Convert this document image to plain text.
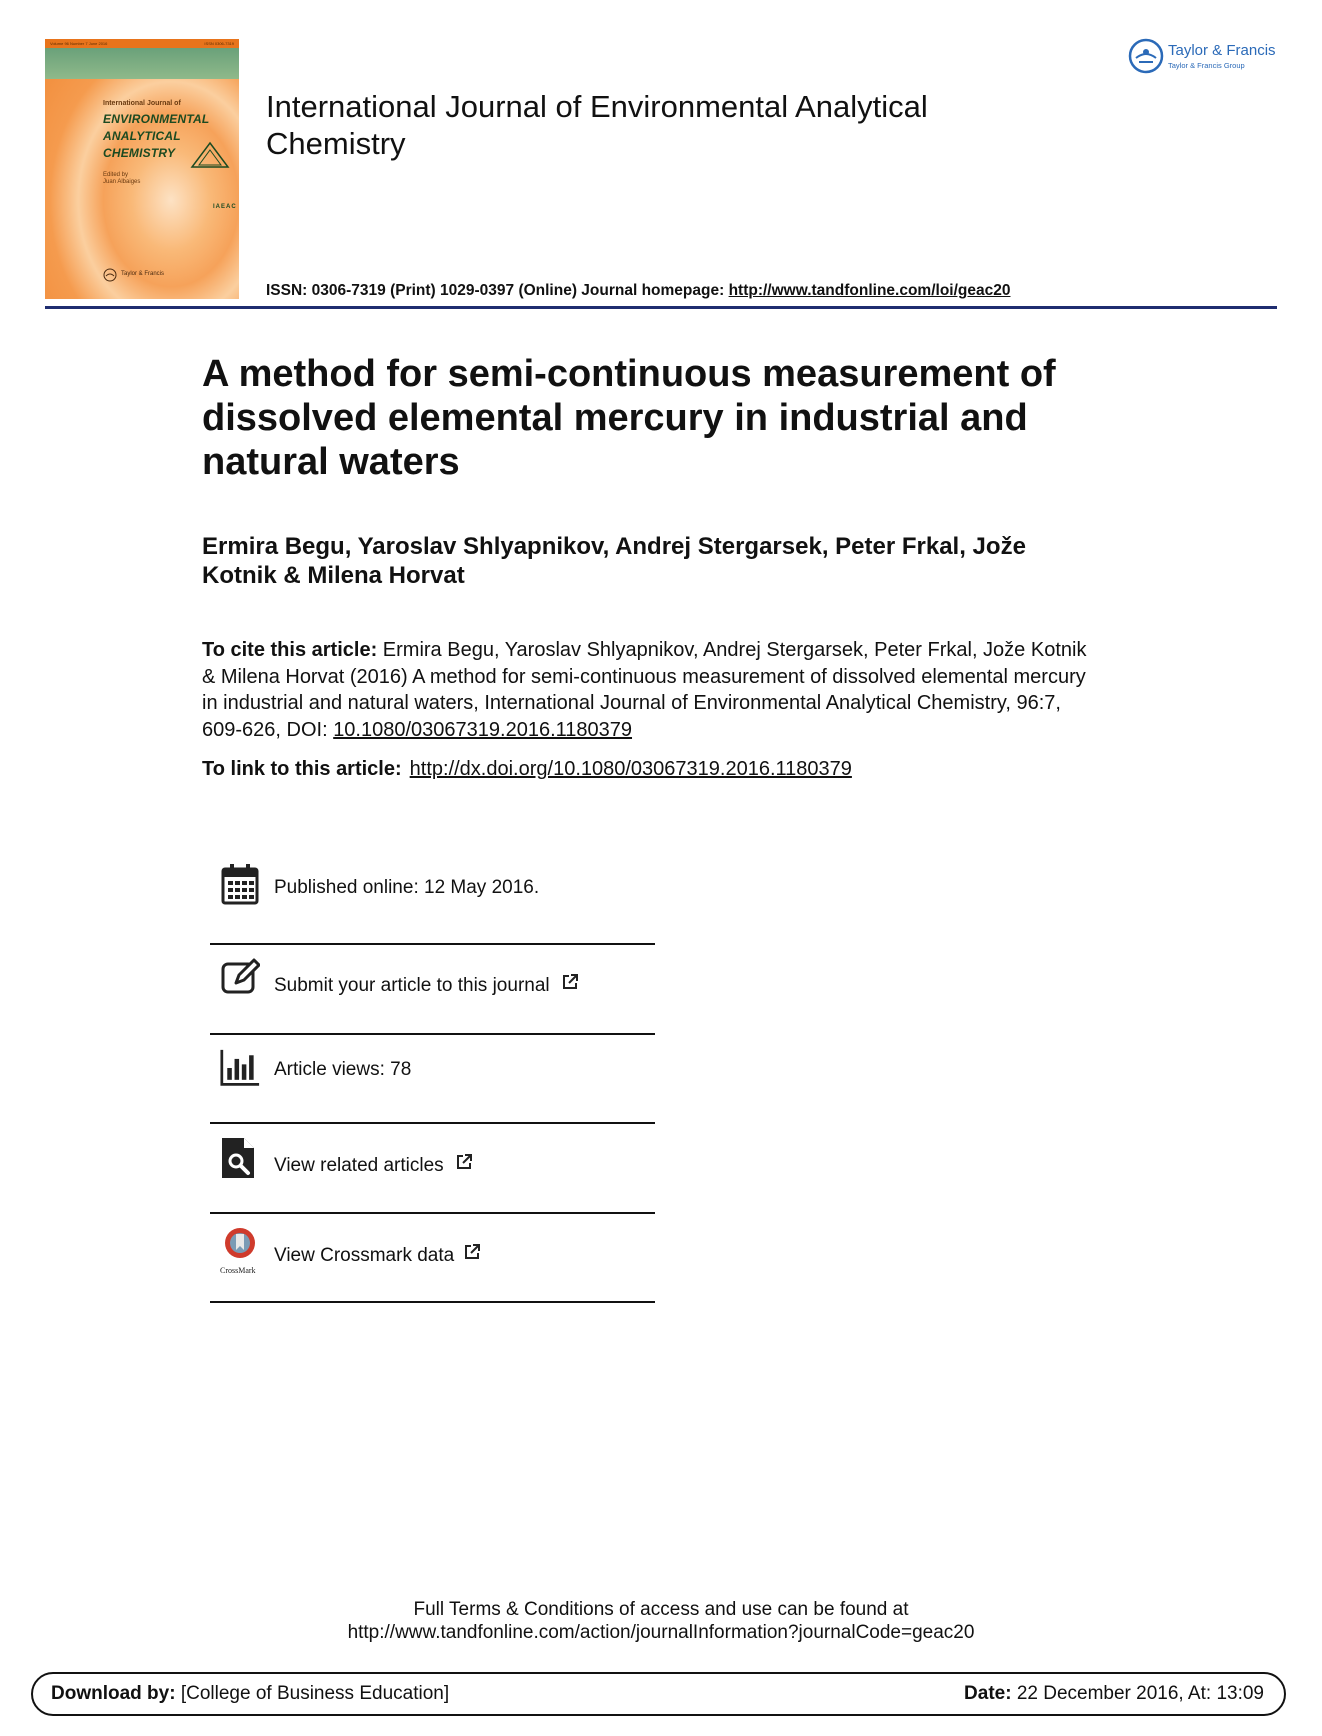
Volume 96 Number 7 June 2016	ISSN 0306-7319
International Journal of
ENVIRONMENTAL
ANALYTICAL
CHEMISTRY
IAEAC
Edited by
Juan Albaiges
Taylor & Francis
International Journal of Environmental Analytical Chemistry
Taylor & Francis
Taylor & Francis Group
ISSN: 0306-7319 (Print) 1029-0397 (Online) Journal homepage: http://www.tandfonline.com/loi/geac20
A method for semi-continuous measurement of dissolved elemental mercury in industrial and natural waters
Ermira Begu, Yaroslav Shlyapnikov, Andrej Stergarsek, Peter Frkal, Jože Kotnik & Milena Horvat
To cite this article: Ermira Begu, Yaroslav Shlyapnikov, Andrej Stergarsek, Peter Frkal, Jože Kotnik & Milena Horvat (2016) A method for semi-continuous measurement of dissolved elemental mercury in industrial and natural waters, International Journal of Environmental Analytical Chemistry, 96:7, 609-626, DOI: 10.1080/03067319.2016.1180379
To link to this article: http://dx.doi.org/10.1080/03067319.2016.1180379
Published online: 12 May 2016.
Submit your article to this journal
Article views: 78
View related articles
CrossMark
View Crossmark data
Full Terms & Conditions of access and use can be found at
http://www.tandfonline.com/action/journalInformation?journalCode=geac20
Download by: [College of Business Education]	Date: 22 December 2016, At: 13:09
